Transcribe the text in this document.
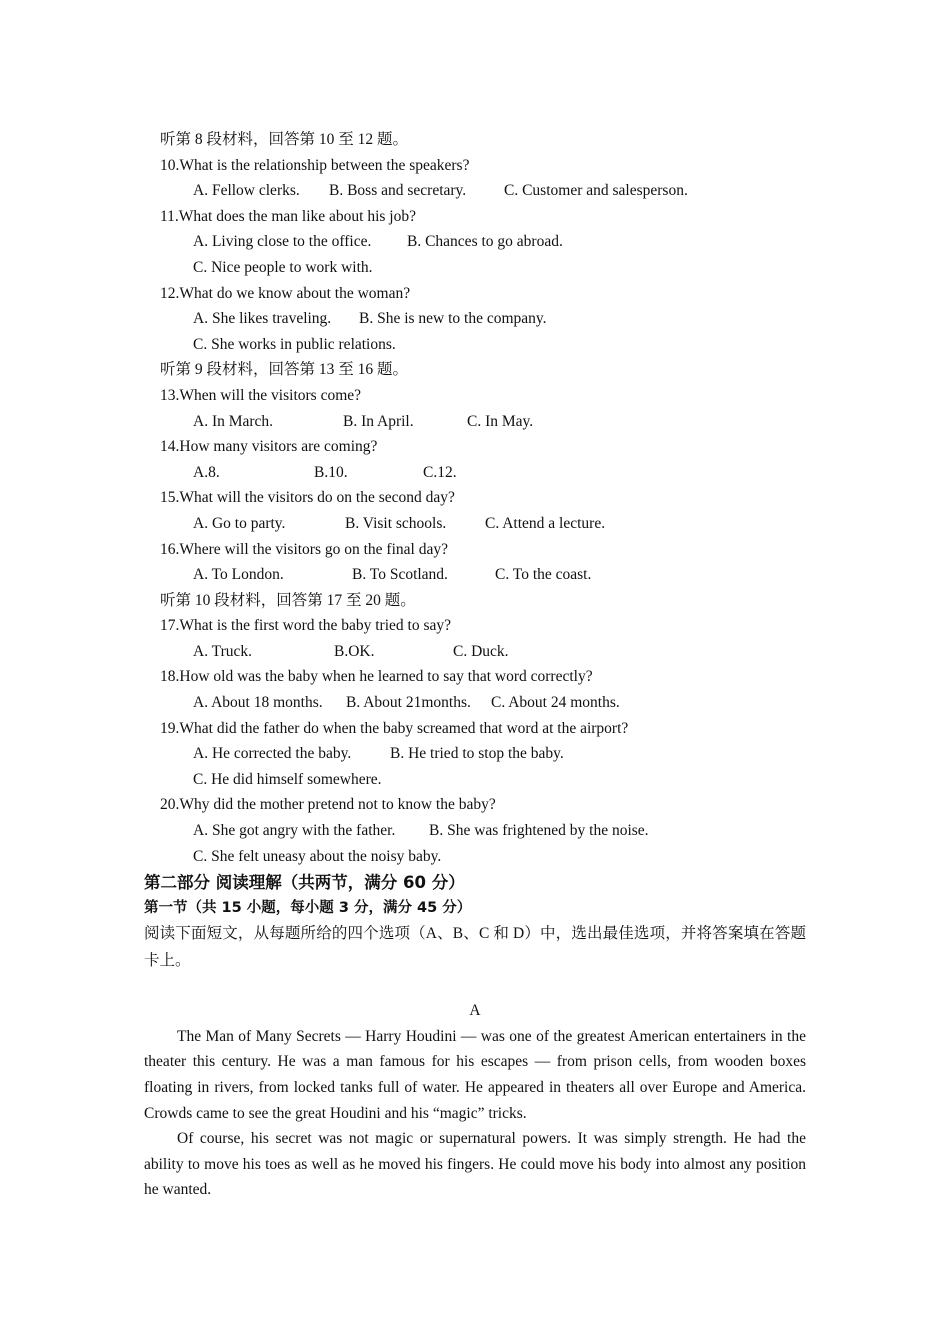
听第 8 段材料，回答第 10 至 12 题。
10.What is the relationship between the speakers?
A. Fellow clerks.	B. Boss and secretary.	C. Customer and salesperson.
11.What does the man like about his job?
A. Living close to the office.	B. Chances to go abroad.
C. Nice people to work with.
12.What do we know about the woman?
A. She likes traveling.	B. She is new to the company.
C. She works in public relations.
听第 9 段材料，回答第 13 至 16 题。
13.When will the visitors come?
A. In March.	B. In April.	C. In May.
14.How many visitors are coming?
A.8.	B.10.	C.12.
15.What will the visitors do on the second day?
A. Go to party.	B. Visit schools.	C. Attend a lecture.
16.Where will the visitors go on the final day?
A. To London.	B. To Scotland.	C. To the coast.
听第 10 段材料，回答第 17 至 20 题。
17.What is the first word the baby tried to say?
A. Truck.	B.OK.	C. Duck.
18.How old was the baby when he learned to say that word correctly?
A. About 18 months.	B. About 21months.	C. About 24 months.
19.What did the father do when the baby screamed that word at the airport?
A. He corrected the baby.	B. He tried to stop the baby.
C. He did himself somewhere.
20.Why did the mother pretend not to know the baby?
A. She got angry with the father.	B. She was frightened by the noise.
C. She felt uneasy about the noisy baby.
第二部分 阅读理解（共两节，满分 60 分）
第一节（共 15 小题，每小题 3 分，满分 45 分）
阅读下面短文，从每题所给的四个选项（A、B、C 和 D）中，选出最佳选项，并将答案填在答题卡上。
A
The Man of Many Secrets — Harry Houdini — was one of the greatest American entertainers in the theater this century. He was a man famous for his escapes — from prison cells, from wooden boxes floating in rivers, from locked tanks full of water. He appeared in theaters all over Europe and America. Crowds came to see the great Houdini and his “magic” tricks.
Of course, his secret was not magic or supernatural powers. It was simply strength. He had the ability to move his toes as well as he moved his fingers. He could move his body into almost any position he wanted.
